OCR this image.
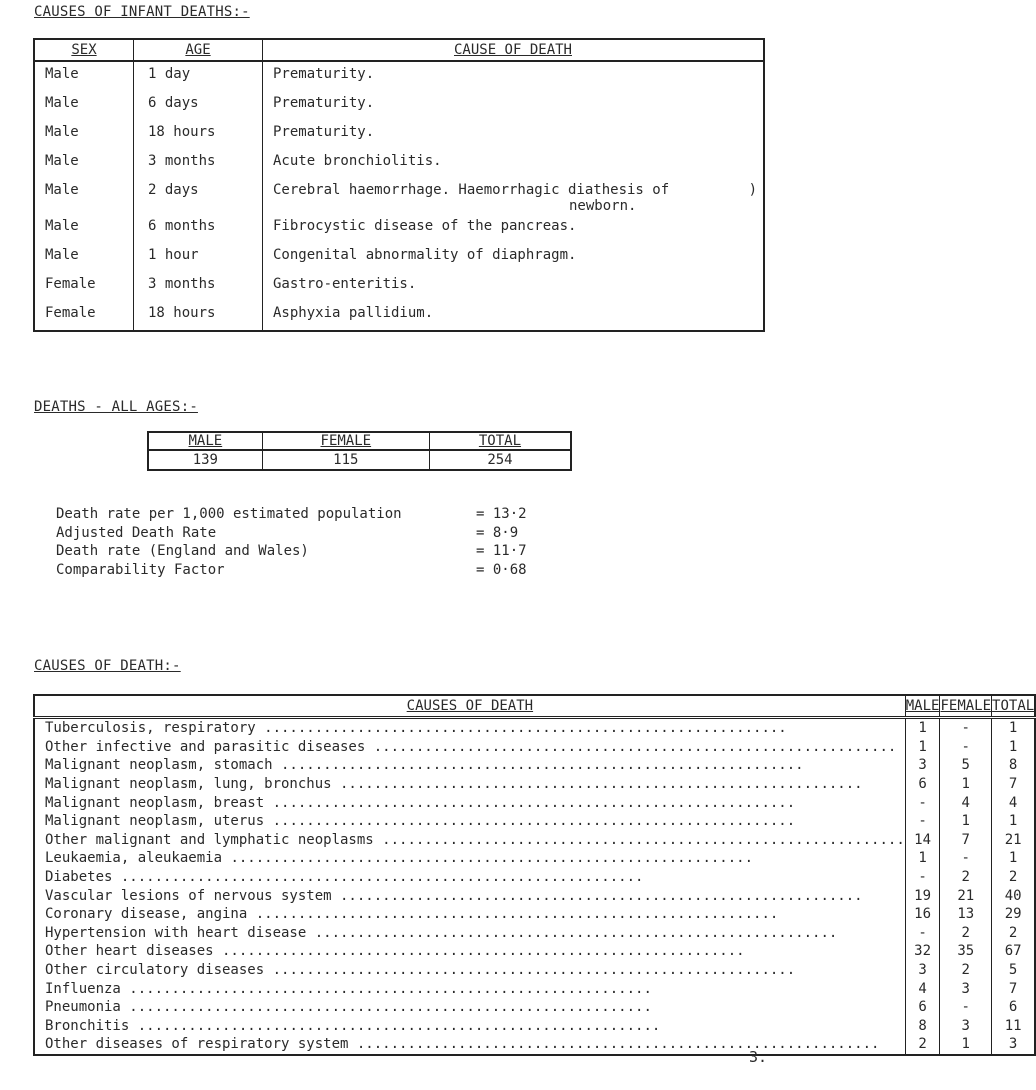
CAUSES OF INFANT DEATHS:-
SEX	AGE	CAUSE OF DEATH
Male	1 day	Prematurity.
Male	6 days	Prematurity.
Male	18 hours	Prematurity.
Male	3 months	Acute bronchiolitis.
Male	2 days	Cerebral haemorrhage. Haemorrhagic diathesis of )
newborn.

Male	6 months	Fibrocystic disease of the pancreas.
Male	1 hour	Congenital abnormality of diaphragm.
Female	3 months	Gastro-enteritis.
Female	18 hours	Asphyxia pallidium.
DEATHS - ALL AGES:-
MALE	FEMALE	TOTAL
139	115	254
Death rate per 1,000 estimated population	= 13·2
Adjusted Death Rate	= 8·9
Death rate (England and Wales)	= 11·7
Comparability Factor	= 0·68
CAUSES OF DEATH:-
CAUSES OF DEATH	MALE	FEMALE	TOTAL
Tuberculosis, respiratory ..............................................................	1	-	1
Other infective and parasitic diseases ..............................................................	1	-	1
Malignant neoplasm, stomach ..............................................................	3	5	8
Malignant neoplasm, lung, bronchus ..............................................................	6	1	7
Malignant neoplasm, breast ..............................................................	-	4	4
Malignant neoplasm, uterus ..............................................................	-	1	1
Other malignant and lymphatic neoplasms ..............................................................	14	7	21
Leukaemia, aleukaemia ..............................................................	1	-	1
Diabetes ..............................................................	-	2	2
Vascular lesions of nervous system ..............................................................	19	21	40
Coronary disease, angina ..............................................................	16	13	29
Hypertension with heart disease ..............................................................	-	2	2
Other heart diseases ..............................................................	32	35	67
Other circulatory diseases ..............................................................	3	2	5
Influenza ..............................................................	4	3	7
Pneumonia ..............................................................	6	-	6
Bronchitis ..............................................................	8	3	11
Other diseases of respiratory system ..............................................................	2	1	3
3.
